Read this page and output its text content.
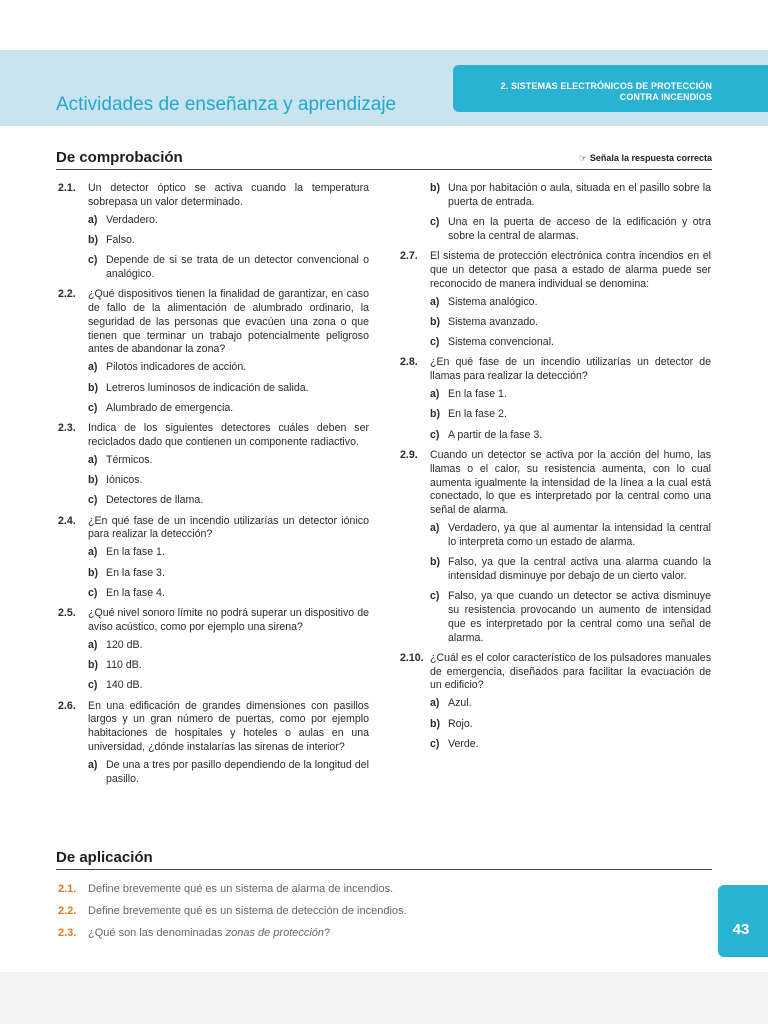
2. SISTEMAS ELECTRÓNICOS DE PROTECCIÓN
CONTRA INCENDIOS
Actividades de enseñanza y aprendizaje
De comprobación	☞ Señala la respuesta correcta
2.1. Un detector óptico se activa cuando la temperatura sobrepasa un valor determinado.
a) Verdadero.
b) Falso.
c) Depende de si se trata de un detector convencional o analógico.
2.2. ¿Qué dispositivos tienen la finalidad de garantizar, en caso de fallo de la alimentación de alumbrado ordinario, la seguridad de las personas que evacúen una zona o que tienen que terminar un trabajo potencialmente peligroso antes de abandonar la zona?
a) Pilotos indicadores de acción.
b) Letreros luminosos de indicación de salida.
c) Alumbrado de emergencia.
2.3. Indica de los siguientes detectores cuáles deben ser reciclados dado que contienen un componente radiactivo.
a) Térmicos.
b) Iónicos.
c) Detectores de llama.
2.4. ¿En qué fase de un incendio utilizarías un detector iónico para realizar la detección?
a) En la fase 1.
b) En la fase 3.
c) En la fase 4.
2.5. ¿Qué nivel sonoro límite no podrá superar un dispositivo de aviso acústico, como por ejemplo una sirena?
a) 120 dB.
b) 110 dB.
c) 140 dB.
2.6. En una edificación de grandes dimensiones con pasillos largos y un gran número de puertas, como por ejemplo habitaciones de hospitales y hoteles o aulas en una universidad, ¿dónde instalarías las sirenas de interior?
a) De una a tres por pasillo dependiendo de la longitud del pasillo.
b) Una por habitación o aula, situada en el pasillo sobre la puerta de entrada.
c) Una en la puerta de acceso de la edificación y otra sobre la central de alarmas.
2.7. El sistema de protección electrónica contra incendios en el que un detector que pasa a estado de alarma puede ser reconocido de manera individual se denomina:
a) Sistema analógico.
b) Sistema avanzado.
c) Sistema convencional.
2.8. ¿En qué fase de un incendio utilizarías un detector de llamas para realizar la detección?
a) En la fase 1.
b) En la fase 2.
c) A partir de la fase 3.
2.9. Cuando un detector se activa por la acción del humo, las llamas o el calor, su resistencia aumenta, con lo cual aumenta igualmente la intensidad de la línea a la cual está conectado, lo que es interpretado por la central como una señal de alarma.
a) Verdadero, ya que al aumentar la intensidad la central lo interpreta como un estado de alarma.
b) Falso, ya que la central activa una alarma cuando la intensidad disminuye por debajo de un cierto valor.
c) Falso, ya que cuando un detector se activa disminuye su resistencia provocando un aumento de intensidad que es interpretado por la central como una señal de alarma.
2.10. ¿Cuál es el color característico de los pulsadores manuales de emergencia, diseñados para facilitar la evacuación de un edificio?
a) Azul.
b) Rojo.
c) Verde.
De aplicación
2.1. Define brevemente qué es un sistema de alarma de incendios.
2.2. Define brevemente qué es un sistema de detección de incendios.
2.3. ¿Qué son las denominadas zonas de protección?	43
